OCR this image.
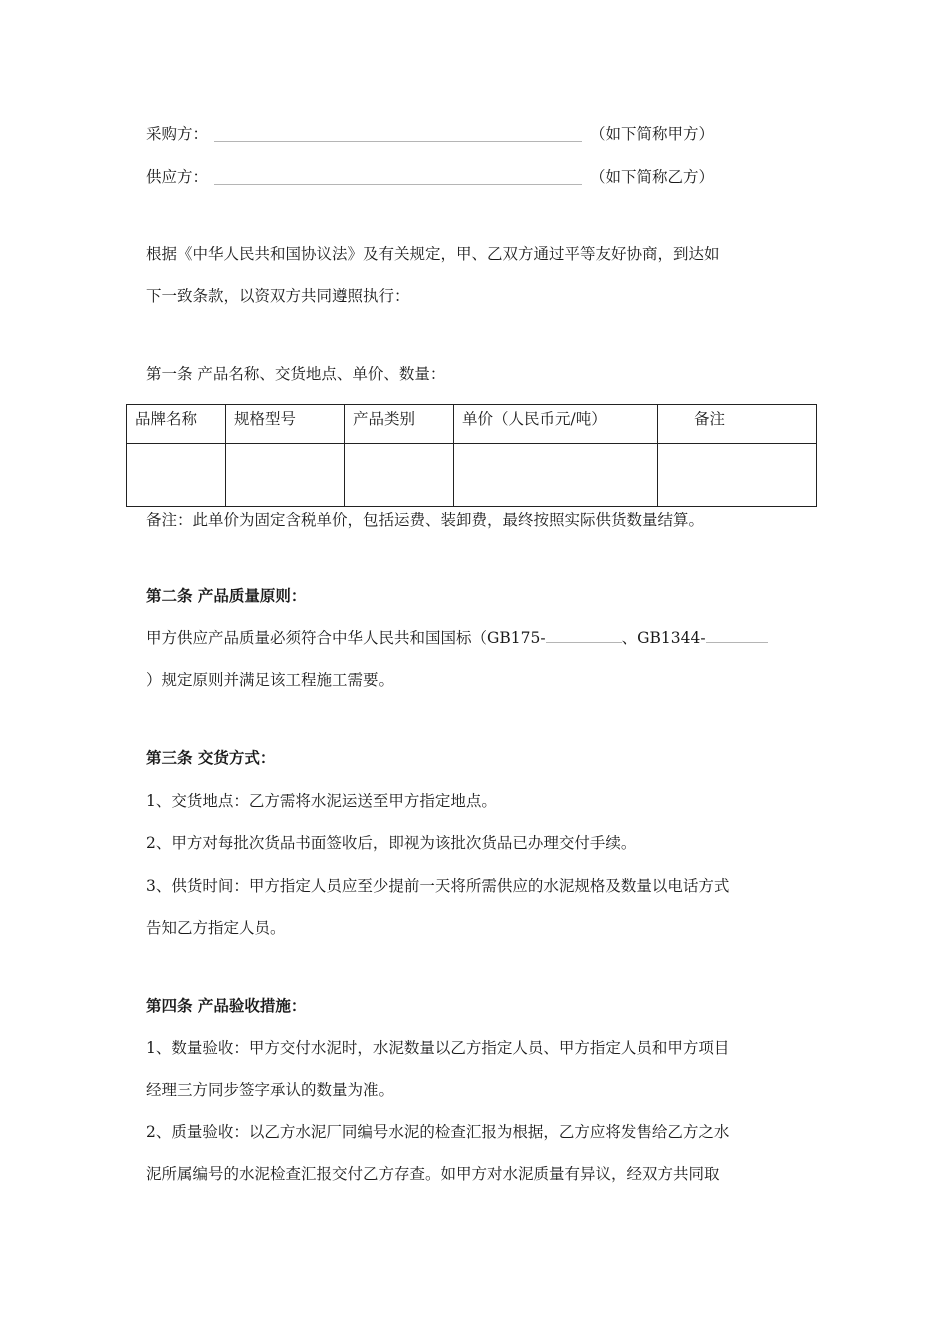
采购方：	（如下简称甲方）
供应方：	（如下简称乙方）
根据《中华人民共和国协议法》及有关规定，甲、乙双方通过平等友好协商，到达如
下一致条款，以资双方共同遵照执行：
第一条 产品名称、交货地点、单价、数量：
品牌名称	规格型号	产品类别	单价（人民币元/吨）	备注

备注：此单价为固定含税单价，包括运费、装卸费，最终按照实际供货数量结算。
第二条 产品质量原则：
甲方供应产品质量必须符合中华人民共和国国标（GB175-	、GB1344-
）规定原则并满足该工程施工需要。
第三条 交货方式：
1、交货地点：乙方需将水泥运送至甲方指定地点。
2、甲方对每批次货品书面签收后，即视为该批次货品已办理交付手续。
3、供货时间：甲方指定人员应至少提前一天将所需供应的水泥规格及数量以电话方式
告知乙方指定人员。
第四条 产品验收措施：
1、数量验收：甲方交付水泥时，水泥数量以乙方指定人员、甲方指定人员和甲方项目
经理三方同步签字承认的数量为准。
2、质量验收：以乙方水泥厂同编号水泥的检查汇报为根据，乙方应将发售给乙方之水
泥所属编号的水泥检查汇报交付乙方存查。如甲方对水泥质量有异议，经双方共同取
